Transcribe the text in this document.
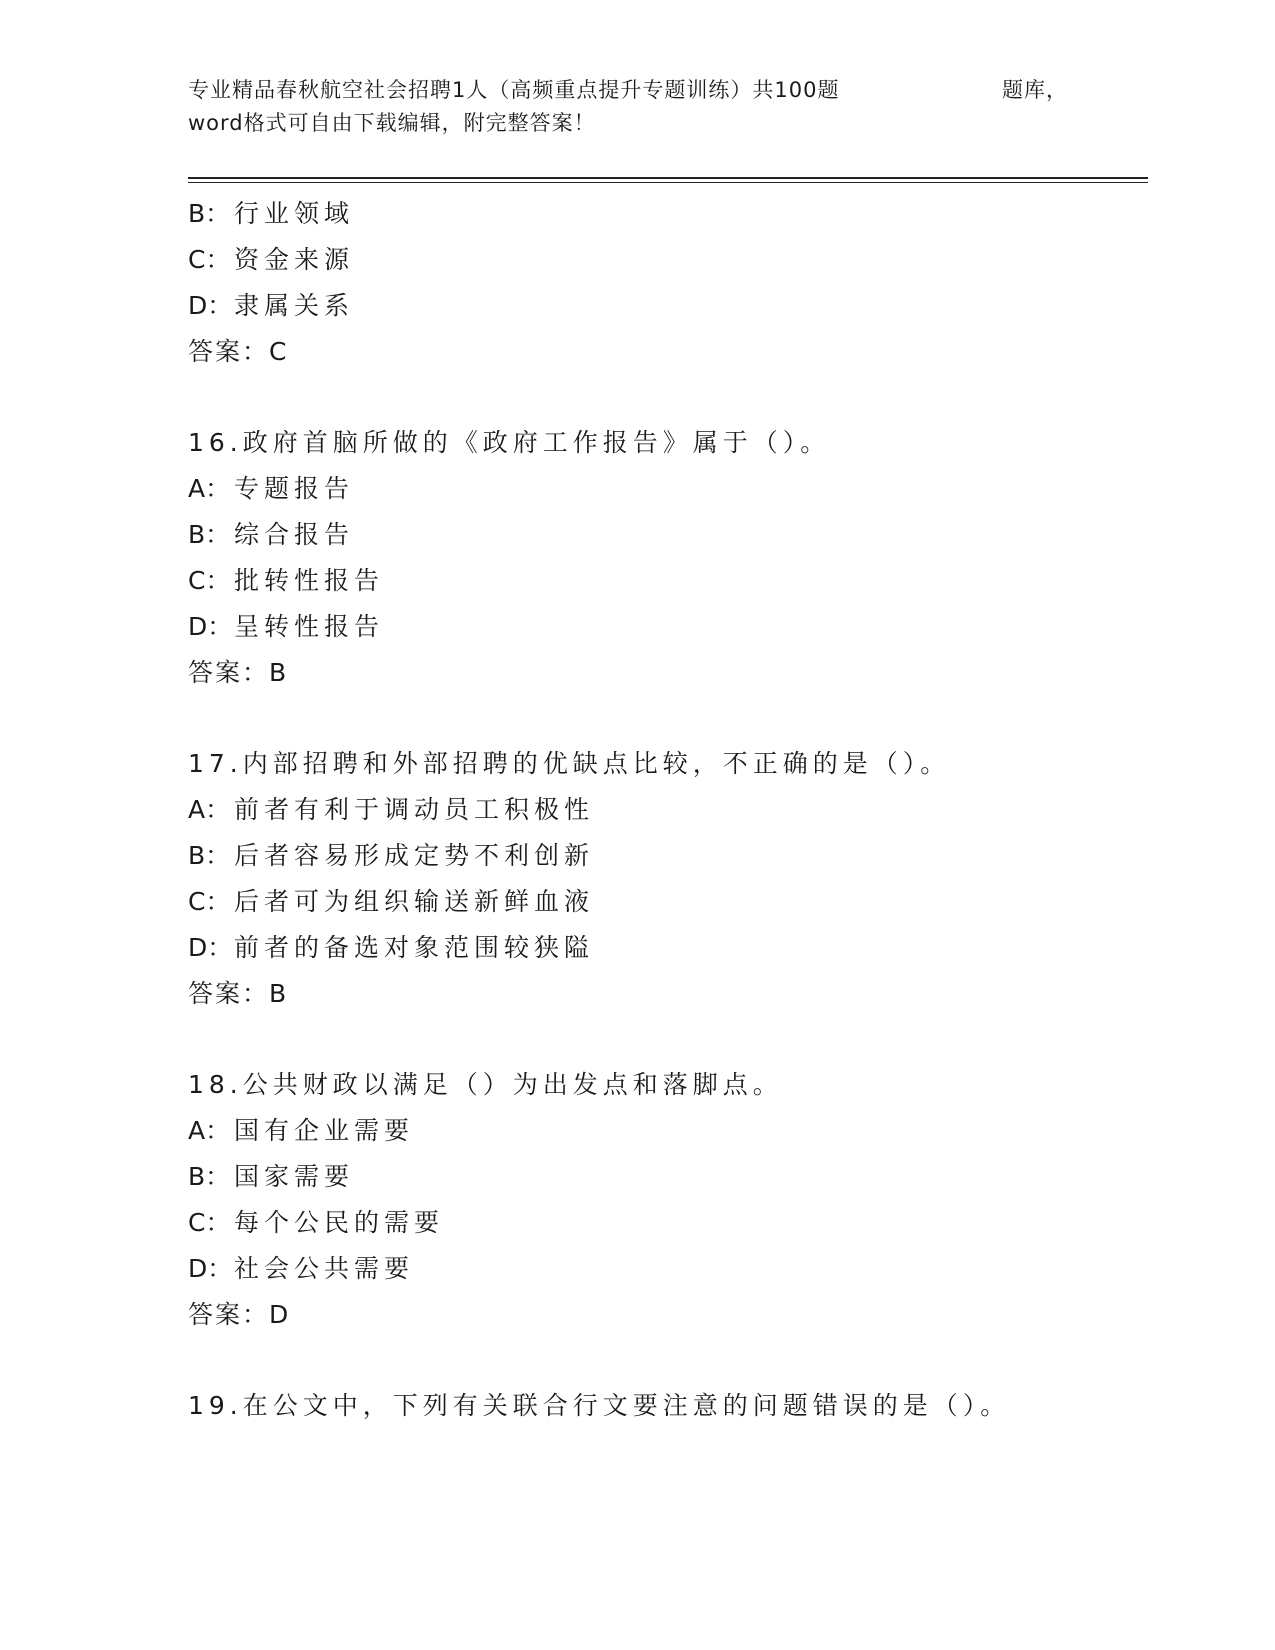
专业精品春秋航空社会招聘1人（高频重点提升专题训练）共100题	题库，
word格式可自由下载编辑，附完整答案！
B： 行业领域
C： 资金来源
D：隶属关系
答案：C
16.政府首脑所做的《政府工作报告》属于（）。
A： 专题报告
B： 综合报告
C： 批转性报告
D：呈转性报告
答案：B
17.内部招聘和外部招聘的优缺点比较，不正确的是（）。
A： 前者有利于调动员工积极性
B： 后者容易形成定势不利创新
C： 后者可为组织输送新鲜血液
D：前者的备选对象范围较狭隘
答案：B
18.公共财政以满足（）为出发点和落脚点。
A： 国有企业需要
B： 国家需要
C： 每个公民的需要
D：社会公共需要
答案：D
19.在公文中，下列有关联合行文要注意的问题错误的是（）。
